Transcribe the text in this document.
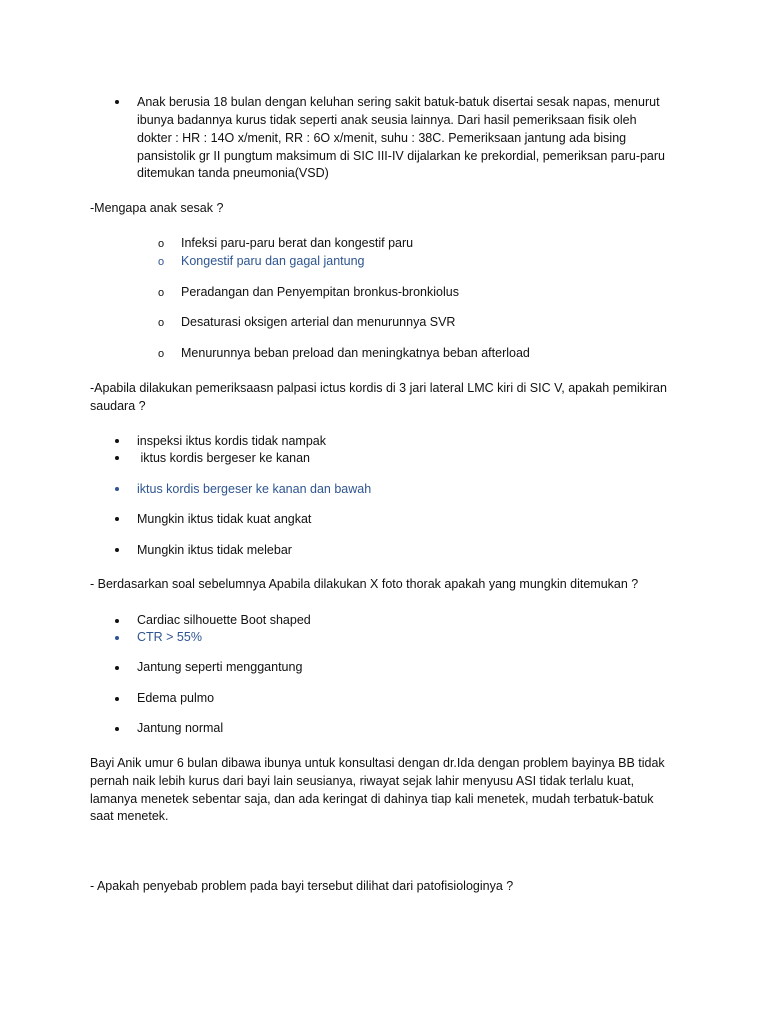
Anak berusia 18 bulan dengan keluhan sering sakit batuk-batuk disertai sesak napas, menurut
ibunya badannya kurus tidak seperti anak seusia lainnya. Dari hasil pemeriksaan fisik oleh
dokter : HR : 14O x/menit, RR : 6O x/menit, suhu : 38C. Pemeriksaan jantung ada bising
pansistolik gr II pungtum maksimum di SIC III-IV dijalarkan ke prekordial, pemeriksan paru-paru
ditemukan tanda pneumonia(VSD)
-Mengapa anak sesak ?
o Infeksi paru-paru berat dan kongestif paru
o Kongestif paru dan gagal jantung
o Peradangan dan Penyempitan bronkus-bronkiolus
o Desaturasi oksigen arterial dan menurunnya SVR
o Menurunnya beban preload dan meningkatnya beban afterload
-Apabila dilakukan pemeriksaasn palpasi ictus kordis di 3 jari lateral LMC kiri di SIC V, apakah pemikiran
saudara ?
inspeksi iktus kordis tidak nampak
iktus kordis bergeser ke kanan
iktus kordis bergeser ke kanan dan bawah
Mungkin iktus tidak kuat angkat
Mungkin iktus tidak melebar
- Berdasarkan soal sebelumnya Apabila dilakukan X foto thorak apakah yang mungkin ditemukan ?
Cardiac silhouette Boot shaped
CTR > 55%
Jantung seperti menggantung
Edema pulmo
Jantung normal
Bayi Anik umur 6 bulan dibawa ibunya untuk konsultasi dengan dr.Ida dengan problem bayinya BB tidak
pernah naik lebih kurus dari bayi lain seusianya, riwayat sejak lahir menyusu ASI tidak terlalu kuat,
lamanya menetek sebentar saja, dan ada keringat di dahinya tiap kali menetek, mudah terbatuk-batuk
saat menetek.
- Apakah penyebab problem pada bayi tersebut dilihat dari patofisiologinya ?
